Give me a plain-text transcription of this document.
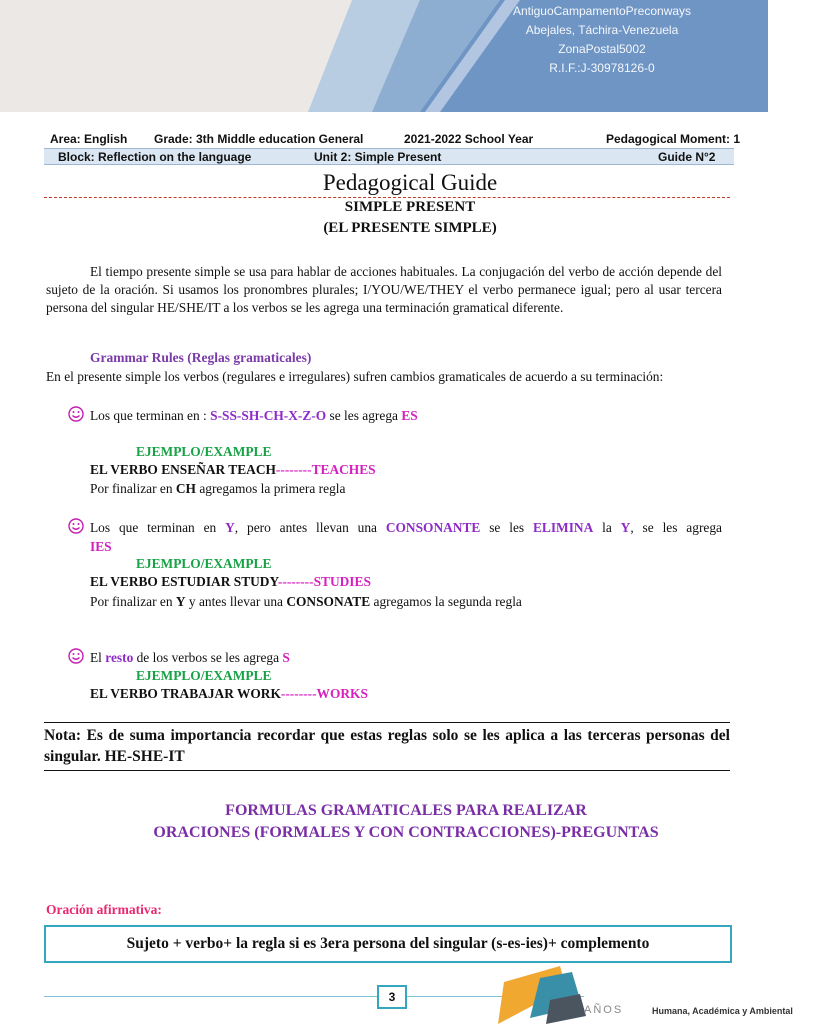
AntiguoCampamentoPreconways
Abejales, Táchira-Venezuela
ZonaPostal5002
R.I.F.:J-30978126-0
Area: English Grade: 3th Middle education General	2021-2022 School Year	Pedagogical Moment: 1
Block: Reflection on the language	Unit 2: Simple Present	Guide N°2
Pedagogical Guide
SIMPLE PRESENT
(EL PRESENTE SIMPLE)

El tiempo presente simple se usa para hablar de acciones habituales. La conjugación del verbo de acción depende del sujeto de la oración. Si usamos los pronombres plurales; I/YOU/WE/THEY el verbo permanece igual; pero al usar tercera persona del singular HE/SHE/IT a los verbos se les agrega una terminación gramatical diferente.

Grammar Rules (Reglas gramaticales)

En el presente simple los verbos (regulares e irregulares) sufren cambios gramaticales de acuerdo a su terminación:

Los que terminan en : S-SS-SH-CH-X-Z-O se les agrega ES
EJEMPLO/EXAMPLE
EL VERBO ENSEÑAR TEACH--------TEACHES
Por finalizar en CH agregamos la primera regla
Los que terminan en Y, pero antes llevan una CONSONANTE se les ELIMINA la Y, se les agrega
IES
EJEMPLO/EXAMPLE
EL VERBO ESTUDIAR STUDY--------STUDIES
Por finalizar en Y y antes llevar una CONSONATE agregamos la segunda regla
El resto de los verbos se les agrega S
EJEMPLO/EXAMPLE
EL VERBO TRABAJAR WORK--------WORKS
Nota: Es de suma importancia recordar que estas reglas solo se les aplica a las terceras personas del singular. HE-SHE-IT
FORMULAS GRAMATICALES PARA REALIZAR
ORACIONES (FORMALES Y CON CONTRACCIONES)-PREGUNTAS
Oración afirmativa:
Sujeto + verbo+ la regla si es 3era persona del singular (s-es-ies)+ complemento
3
AÑOS	Humana, Académica y Ambiental
